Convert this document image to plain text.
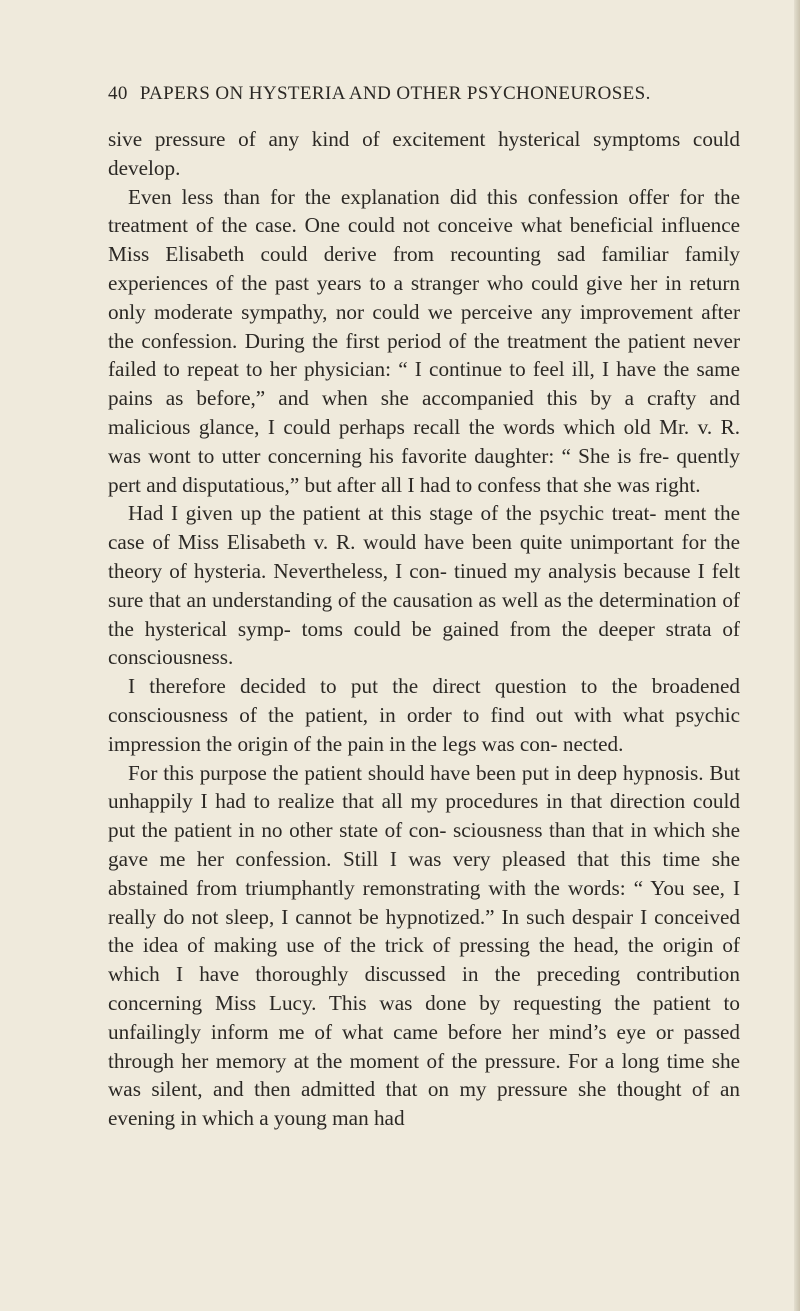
40 PAPERS ON HYSTERIA AND OTHER PSYCHONEUROSES.

sive pressure of any kind of excitement hysterical symptoms could develop.

Even less than for the explanation did this confession offer for the treatment of the case. One could not conceive what beneficial influence Miss Elisabeth could derive from recounting sad familiar family experiences of the past years to a stranger who could give her in return only moderate sympathy, nor could we perceive any improvement after the confession. During the first period of the treatment the patient never failed to repeat to her physician: “ I continue to feel ill, I have the same pains as before,” and when she accompanied this by a crafty and malicious glance, I could perhaps recall the words which old Mr. v. R. was wont to utter concerning his favorite daughter: “ She is fre- quently pert and disputatious,” but after all I had to confess that she was right.

Had I given up the patient at this stage of the psychic treat- ment the case of Miss Elisabeth v. R. would have been quite unimportant for the theory of hysteria. Nevertheless, I con- tinued my analysis because I felt sure that an understanding of the causation as well as the determination of the hysterical symp- toms could be gained from the deeper strata of consciousness.

I therefore decided to put the direct question to the broadened consciousness of the patient, in order to find out with what psychic impression the origin of the pain in the legs was con- nected.

For this purpose the patient should have been put in deep hypnosis. But unhappily I had to realize that all my procedures in that direction could put the patient in no other state of con- sciousness than that in which she gave me her confession. Still I was very pleased that this time she abstained from triumphantly remonstrating with the words: “ You see, I really do not sleep, I cannot be hypnotized.” In such despair I conceived the idea of making use of the trick of pressing the head, the origin of which I have thoroughly discussed in the preceding contribution concerning Miss Lucy. This was done by requesting the patient to unfailingly inform me of what came before her mind’s eye or passed through her memory at the moment of the pressure. For a long time she was silent, and then admitted that on my pressure she thought of an evening in which a young man had
